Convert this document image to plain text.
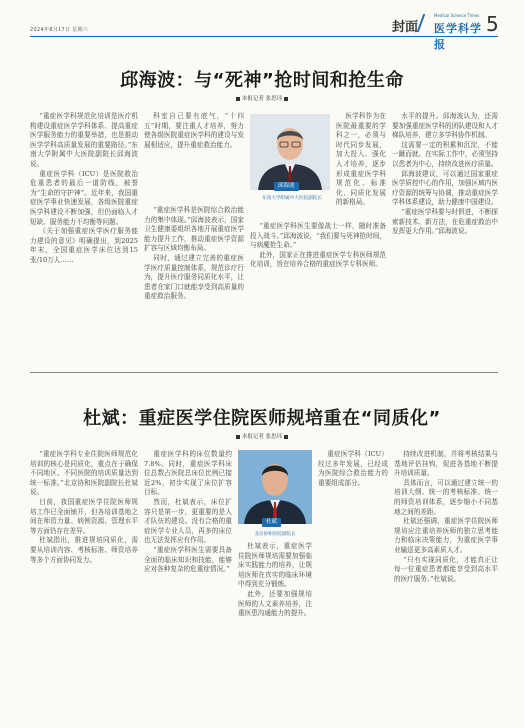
2024年8月17日 星期六	封面
Medical Science Times
医学科学报
5
邱海波：与“死神”抢时间和抢生命
本报记者 张思玮

“重症医学科规范化培训是医疗机构建设重症医学学科体系、提高重症医学服务能力的重要举措，也是推动医学学科高质量发展的重要路径。”东南大学附属中大医院副院长邱海波说。

重症医学科（ICU）是医院救治危重患者的最后一道防线，被誉为“生命的守护神”。近年来，我国重症医学事业快速发展，各级医院重症医学科建设不断加强，但仍面临人才短缺、服务能力不均衡等问题。

《关于加强重症医学医疗服务能力建设的意见》明确提出，到2025年末，全国重症医学床位达到15张/10万人……

科室自己要有底气，“十四五”时期，要注重人才培养，努力使各级医院重症医学科的建设与发展相适应，提升重症救治能力。

邱海波
东南大学附属中大医院副院长

“重症医学科是医院综合救治能力的集中体现。”邱海波表示，国家卫生健康委组织各地开展重症医学能力提升工作，推动重症医学资源扩容与区域均衡布局。

同时，通过建立完善的重症医学医疗质量控制体系，规范诊疗行为，提升医疗服务同质化水平，让患者在家门口就能享受到高质量的重症救治服务。

医学科作为在医院最重要的学科之一，必须与时代同步发展，加大投入、强化人才培养，逐步形成重症医学科规范化、标准化、同质化发展的新格局。

“重症医学科医生要像战士一样，随时准备投入战斗。”邱海波说，“我们要与死神抢时间，与病魔抢生命。”

此外，国家正在推进重症医学专科医师规范化培训，旨在培养合格的重症医学专科医师。

水平的提升。邱海波认为，还需要加强重症医学科的团队建设和人才梯队培养，建立多学科协作机制。

这需要一定的积累和沉淀，不能一蹴而就。在实际工作中，必须坚持以患者为中心，持续改进医疗质量。

邱海波建议，可以通过国家重症医学质控中心的作用，加强区域内医疗资源的统筹与协调，推动重症医学学科体系建设，助力健康中国建设。

“重症医学科要与时俱进，不断探索新技术、新方法，在危重症救治中发挥更大作用。”邱海波说。

杜斌：重症医学住院医师规培重在“同质化”
本报记者 张思玮

“重症医学科专业住院医师规范化培训的核心是同质化，重点在于确保不同地区、不同医院的培训质量达到统一标准。”北京协和医院副院长杜斌说。

目前，我国重症医学住院医师规培工作已全面铺开，但各培训基地之间在师资力量、病例资源、管理水平等方面仍存在差异。

杜斌指出，推进规培同质化，需要从培训内容、考核标准、师资培养等多个方面协同发力。

重症医学科的床位数量约7.8%。同时，重症医学科床位总数占医院总床位比例已接近2%，初步实现了床位扩容目标。

然而，杜斌表示，床位扩容只是第一步，更重要的是人才队伍的建设。没有合格的重症医学专业人员，再多的床位也无法发挥应有作用。

“重症医学科医生需要具备全面的临床知识和技能，能够应对各种复杂的危重症情况。”

杜斌
北京协和医院副院长

杜斌表示，重症医学住院医师规培需要加强临床实践能力的培养，让规培医师在真实的临床环境中得到充分锻炼。

此外，还要加强规培医师的人文素养培养，注重医患沟通能力的提升。

重症医学科（ICU）经过多年发展，已经成为医院综合救治能力的重要组成部分。

持续改进机制，并将考核结果与基地评估挂钩，促进各基地不断提升培训质量。

具体而言，可以通过建立统一的培训大纲、统一的考核标准、统一的师资培训体系，逐步缩小不同基地之间的差距。

杜斌还强调，重症医学住院医师规培应注重培养医师的独立思考能力和临床决策能力，为重症医学事业输送更多高素质人才。

“只有实现同质化，才能真正让每一位重症患者都能享受到高水平的医疗服务。”杜斌说。
